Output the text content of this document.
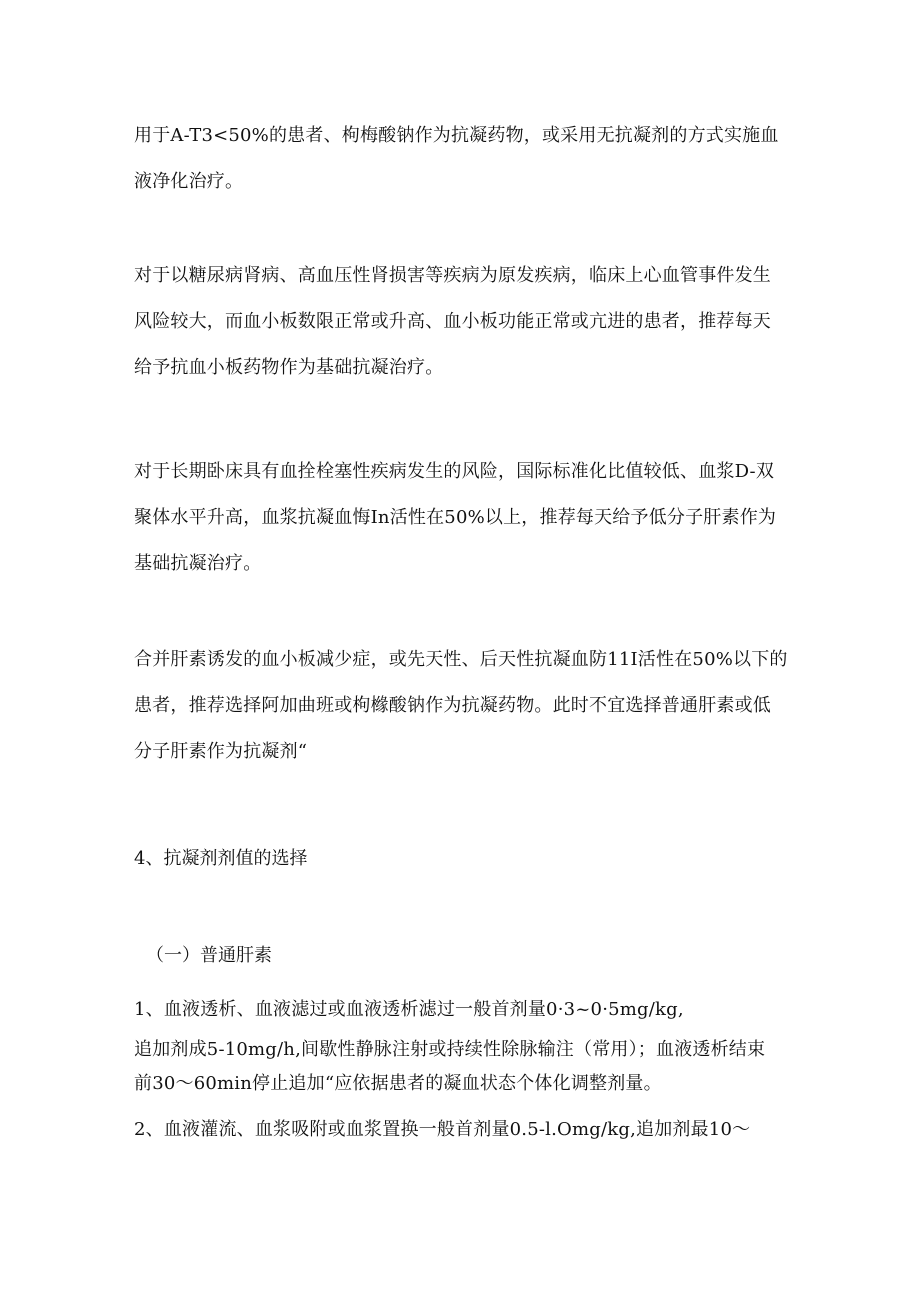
用于A-T3<50%的患者、枸梅酸钠作为抗凝药物，或采用无抗凝剂的方式实施血
液净化治疗。
对于以糖尿病肾病、高血压性肾损害等疾病为原发疾病，临床上心血管事件发生
风险较大，而血小板数限正常或升高、血小板功能正常或亢进的患者，推荐每天
给予抗血小板药物作为基础抗凝治疗。
对于长期卧床具有血拴栓塞性疾病发生的风险，国际标准化比值较低、血浆D-双
聚体水平升高，血浆抗凝血悔In活性在50%以上，推荐每天给予低分子肝素作为
基础抗凝治疗。
合并肝素诱发的血小板减少症，或先天性、后天性抗凝血防11I活性在50%以下的
患者，推荐选择阿加曲班或枸橼酸钠作为抗凝药物。此时不宜选择普通肝素或低
分子肝素作为抗凝剂“
4、抗凝剂剂值的选择
（一）普通肝素
1、血液透析、血液滤过或血液透析滤过一般首剂量0·3~0·5mg/kg,
追加剂成5-10mg/h,间歇性静脉注射或持续性除脉输注（常用）；血液透析结束
前30～60min停止追加“应依据患者的凝血状态个体化调整剂量。
2、血液灌流、血浆吸附或血浆置换一般首剂量0.5-l.Omg/kg,追加剂最10～
